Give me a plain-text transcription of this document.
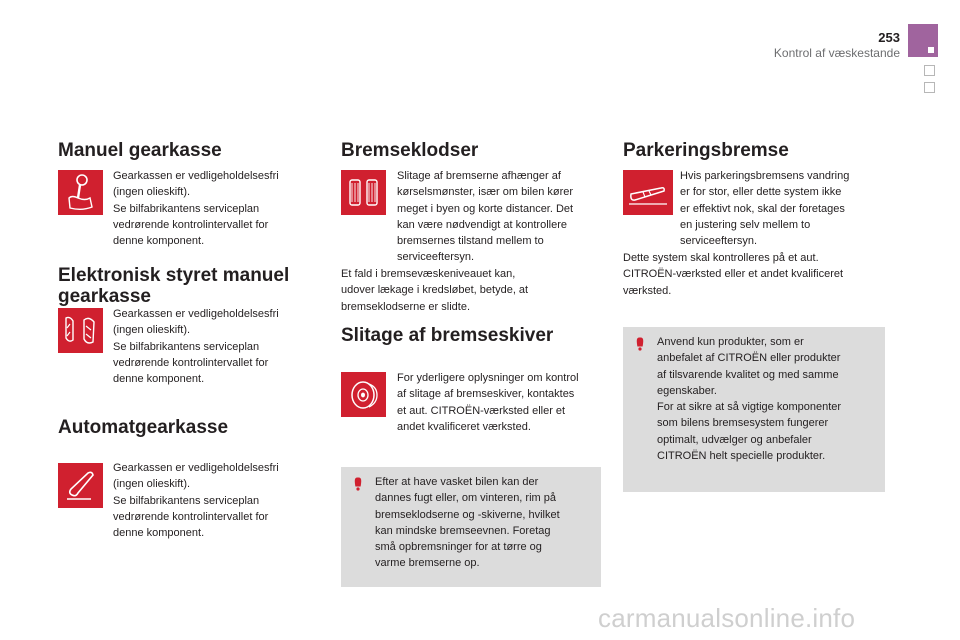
253
Kontrol af væskestande
Manuel gearkasse
Gearkassen er vedligeholdelsesfri
(ingen olieskift).
Se bilfabrikantens serviceplan
vedrørende kontrolintervallet for
denne komponent.
Elektronisk styret manuel
gearkasse
Gearkassen er vedligeholdelsesfri
(ingen olieskift).
Se bilfabrikantens serviceplan
vedrørende kontrolintervallet for
denne komponent.
Automatgearkasse
Gearkassen er vedligeholdelsesfri
(ingen olieskift).
Se bilfabrikantens serviceplan
vedrørende kontrolintervallet for
denne komponent.
Bremseklodser
Slitage af bremserne afhænger af
kørselsmønster, især om bilen kører
meget i byen og korte distancer. Det
kan være nødvendigt at kontrollere
bremsernes tilstand mellem to
serviceeftersyn.
Et fald i bremsevæskeniveauet kan,
udover lækage i kredsløbet, betyde, at
bremseklodserne er slidte.
Slitage af bremseskiver
For yderligere oplysninger om kontrol
af slitage af bremseskiver, kontaktes
et aut. CITROËN-værksted eller et
andet kvalificeret værksted.
Efter at have vasket bilen kan der
dannes fugt eller, om vinteren, rim på
bremseklodserne og -skiverne, hvilket
kan mindske bremseevnen. Foretag
små opbremsninger for at tørre og
varme bremserne op.
Parkeringsbremse
Hvis parkeringsbremsens vandring
er for stor, eller dette system ikke
er effektivt nok, skal der foretages
en justering selv mellem to
serviceeftersyn.
Dette system skal kontrolleres på et aut.
CITROËN-værksted eller et andet kvalificeret
værksted.
Anvend kun produkter, som er
anbefalet af CITROËN eller produkter
af tilsvarende kvalitet og med samme
egenskaber.
For at sikre at så vigtige komponenter
som bilens bremsesystem fungerer
optimalt, udvælger og anbefaler
CITROËN helt specielle produkter.
carmanualsonline.info
